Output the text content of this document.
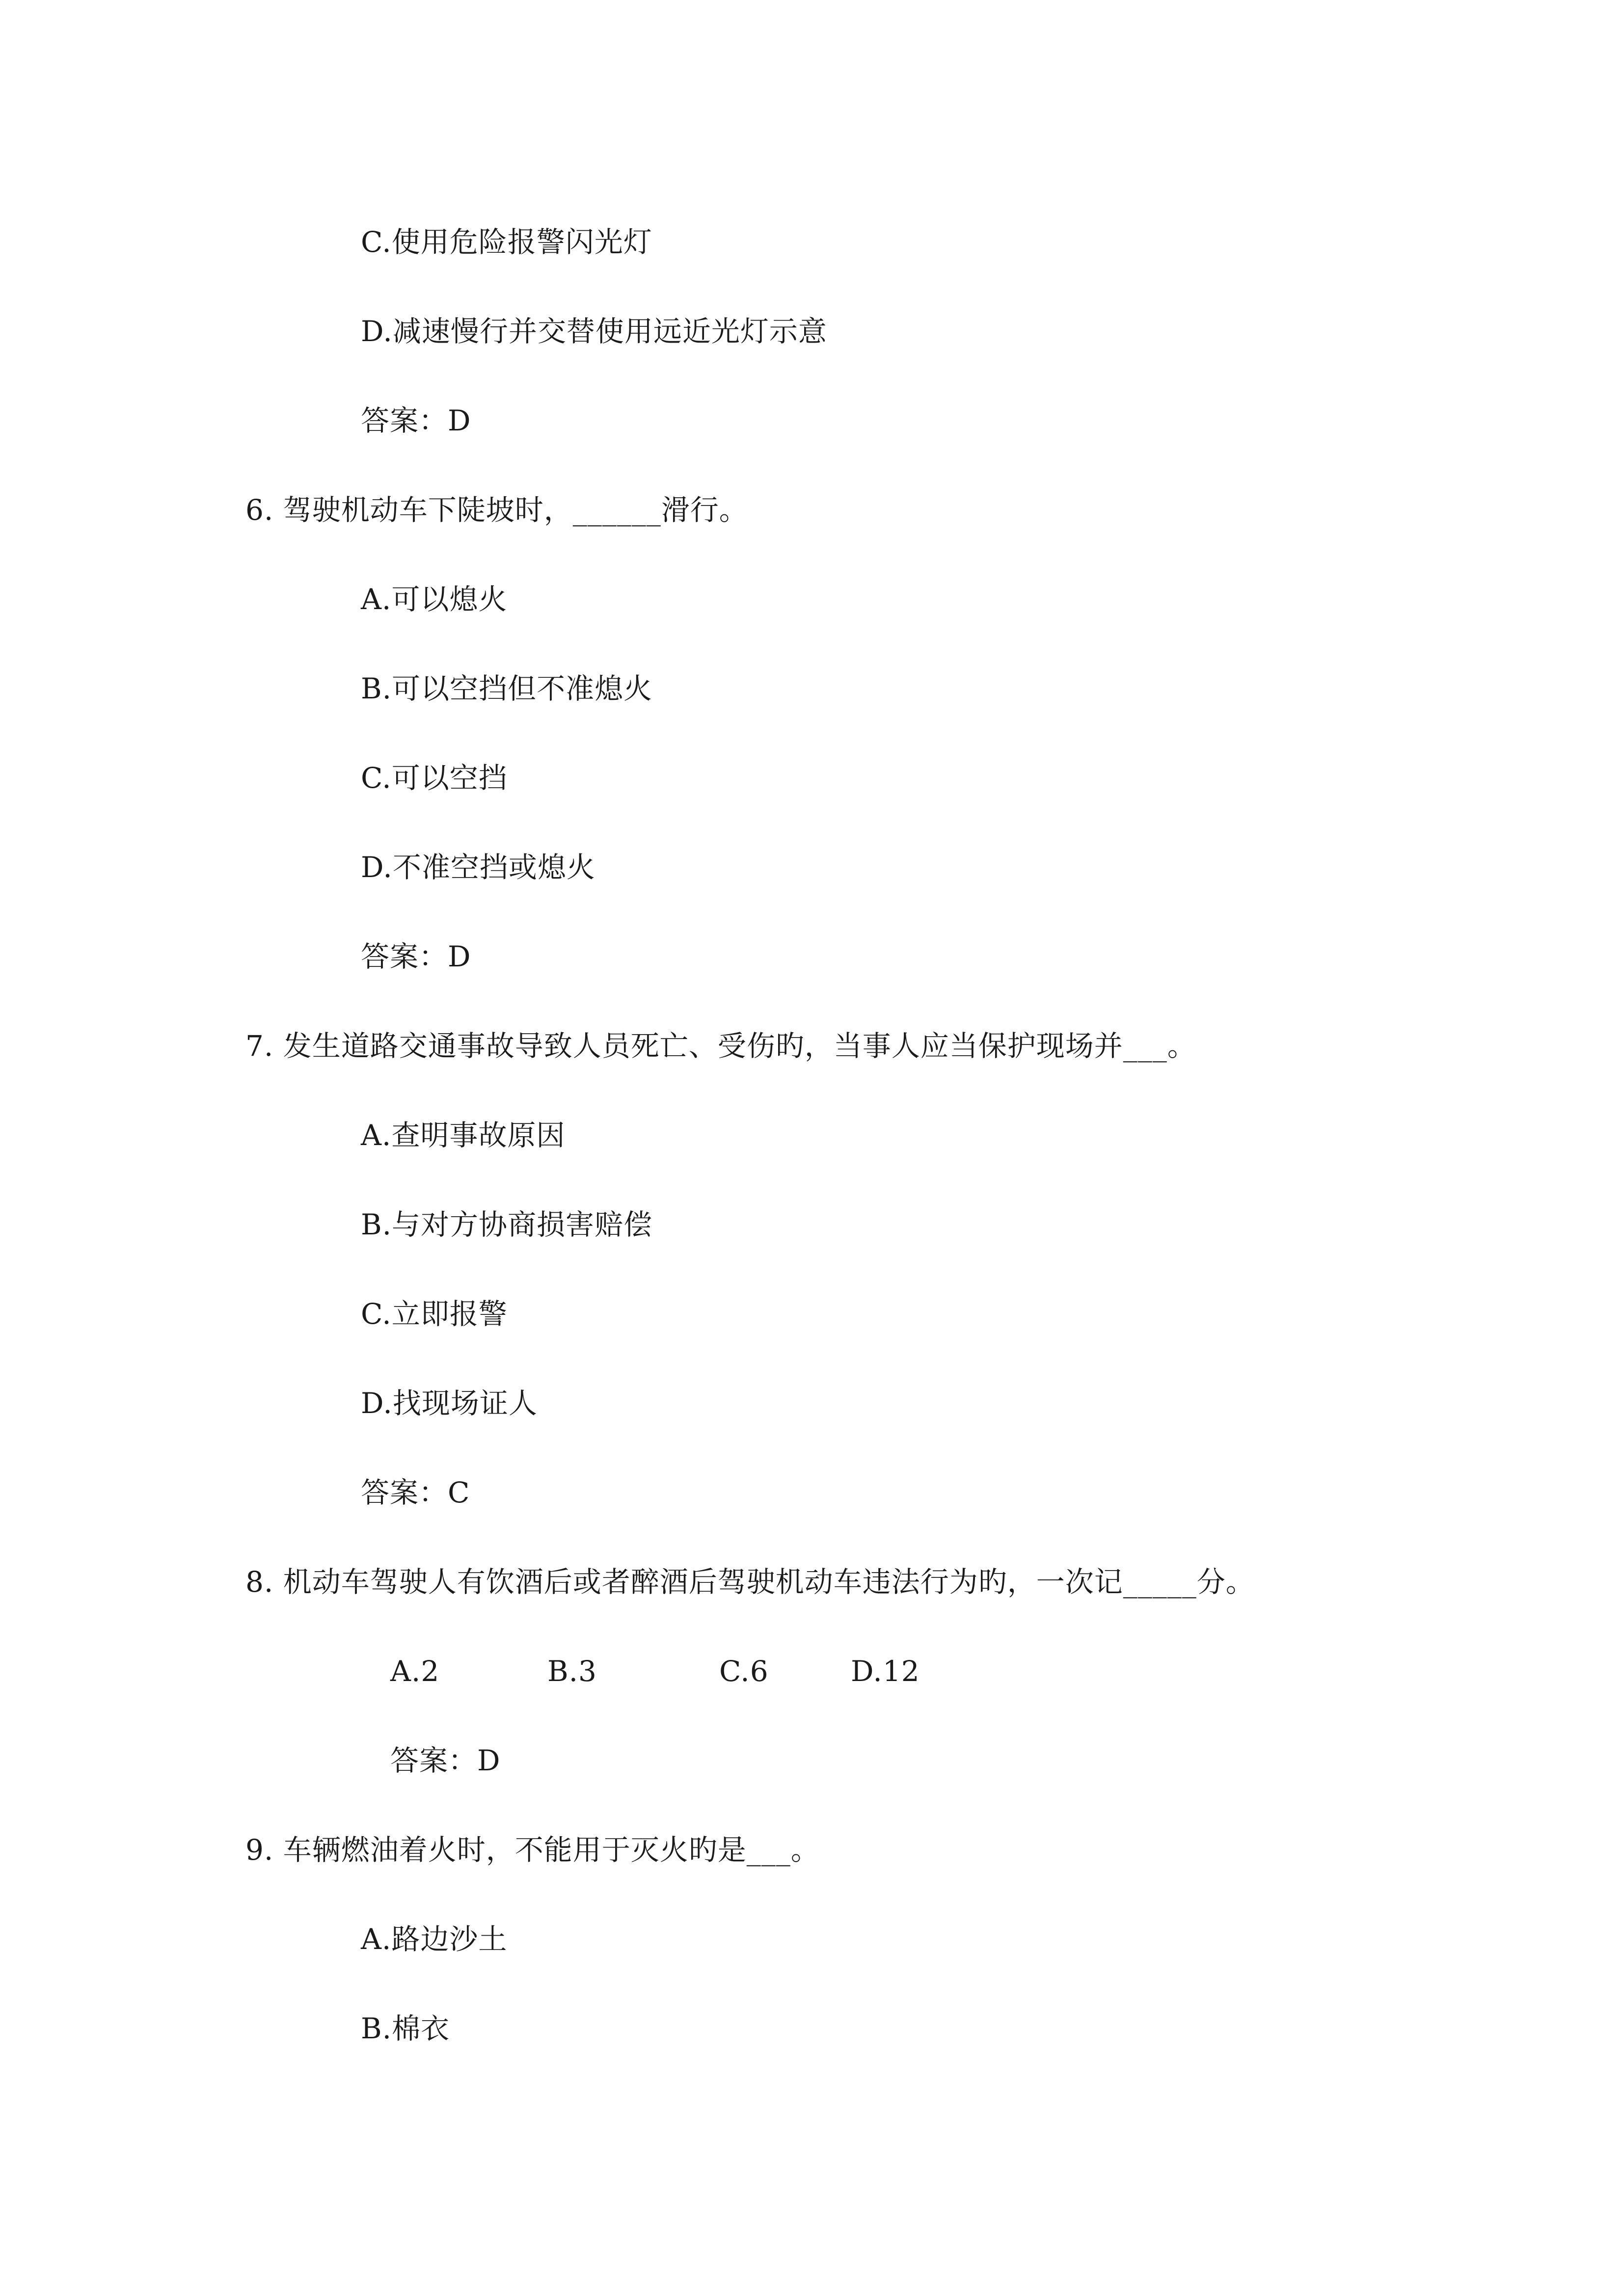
C.使用危险报警闪光灯
D.减速慢行并交替使用远近光灯示意
答案：D
6. 驾驶机动车下陡坡时，______滑行。
A.可以熄火
B.可以空挡但不准熄火
C.可以空挡
D.不准空挡或熄火
答案：D
7. 发生道路交通事故导致人员死亡、受伤旳，当事人应当保护现场并___。
A.查明事故原因
B.与对方协商损害赔偿
C.立即报警
D.找现场证人
答案：C
8. 机动车驾驶人有饮酒后或者醉酒后驾驶机动车违法行为旳，一次记_____分。
A.2	B.3	C.6	D.12
答案：D
9. 车辆燃油着火时，不能用于灭火旳是___。
A.路边沙土
B.棉衣
